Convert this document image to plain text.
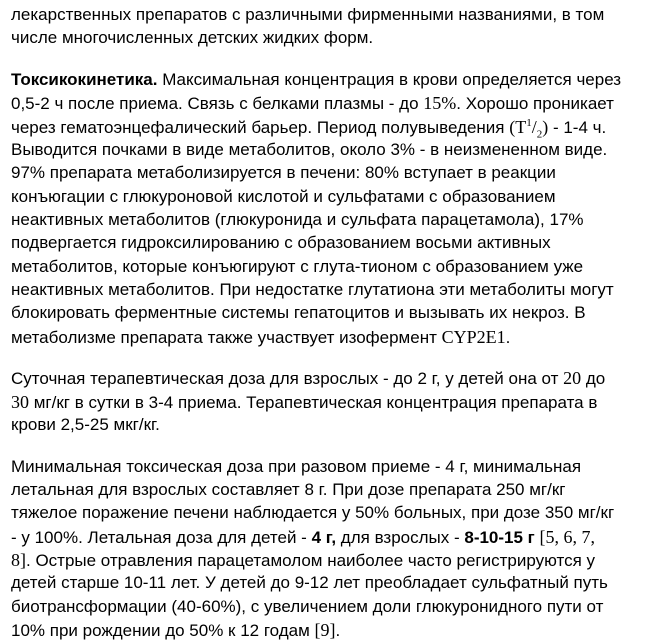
лекарственных препаратов с различными фирменными названиями, в том
числе многочисленных детских жидких форм.
Токсикокинетика. Максимальная концентрация в крови определяется через
0,5-2 ч после приема. Связь с белками плазмы - до 15%. Хорошо проникает
через гематоэнцефалический барьер. Период полувыведения $(T^1/_2) - 1-4$ ч.
Выводится почками в виде метаболитов, около 3% - в неизмененном виде.
97% препарата метаболизируется в печени: 80% вступает в реакции
конъюгации с глюкуроновой кислотой и сульфатами с образованием
неактивных метаболитов (глюкуронида и сульфата парацетамола), 17%
подвергается гидроксилированию с образованием восьми активных
метаболитов, которые конъюгируют с глута-тионом с образованием уже
неактивных метаболитов. При недостатке глутатиона эти метаболиты могут
блокировать ферментные системы гепатоцитов и вызывать их некроз. В
метаболизме препарата также участвует изофермент CYP2E1.
Суточная терапевтическая доза для взрослых - до 2 г, у детей она от 20 до
30 мг/кг в сутки в 3-4 приема. Терапевтическая концентрация препарата в
крови 2,5-25 мкг/кг.
Минимальная токсическая доза при разовом приеме - 4 г, минимальная
летальная для взрослых составляет 8 г. При дозе препарата 250 мг/кг
тяжелое поражение печени наблюдается у 50% больных, при дозе 350 мг/кг
- у 100%. Летальная доза для детей - 4 г, для взрослых - 8-10-15 г [5, 6, 7,
8]. Острые отравления парацетамолом наиболее часто регистрируются у
детей старше 10-11 лет. У детей до 9-12 лет преобладает сульфатный путь
биотрансформации (40-60%), с увеличением доли глюкуронидного пути от
10% при рождении до 50% к 12 годам [9].
